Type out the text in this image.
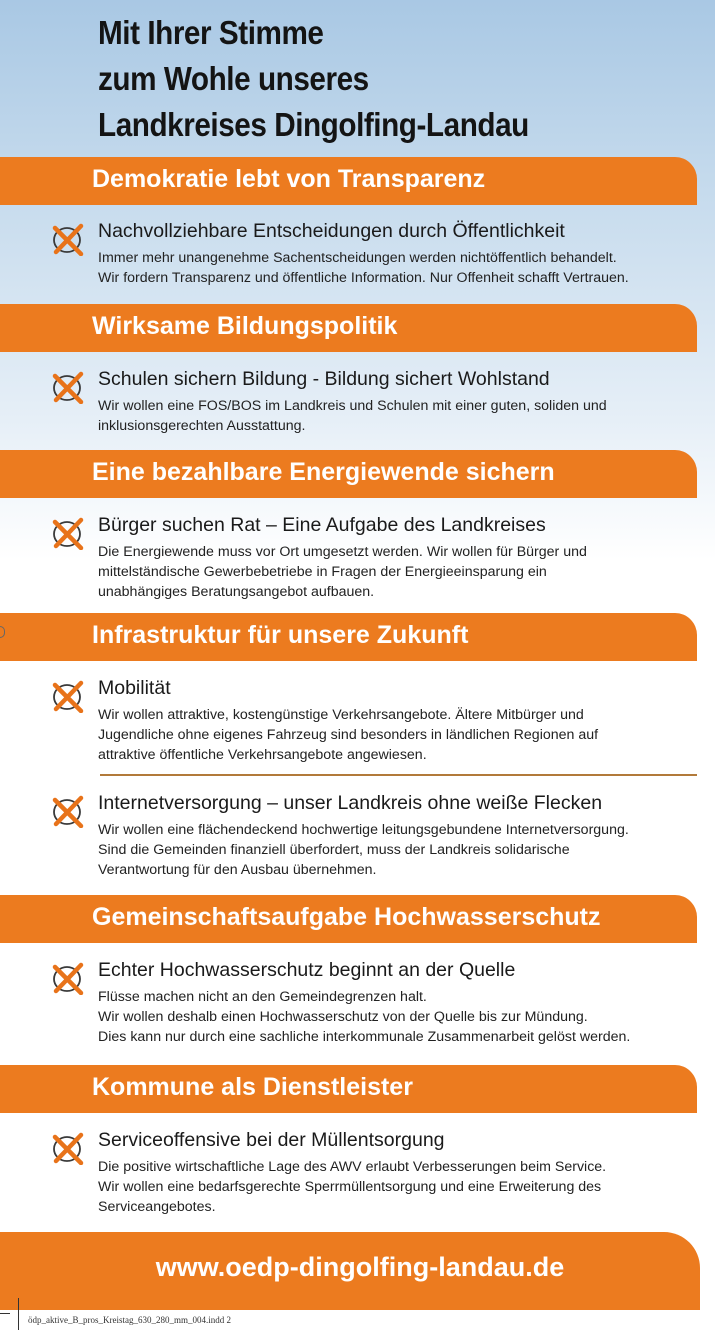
Mit Ihrer Stimme
zum Wohle unseres
Landkreises Dingolfing-Landau
Demokratie lebt von Transparenz
Nachvollziehbare Entscheidungen durch Öffentlichkeit
Immer mehr unangenehme Sachentscheidungen werden nichtöffentlich behandelt.
Wir fordern Transparenz und öffentliche Information. Nur Offenheit schafft Vertrauen.
Wirksame Bildungspolitik
Schulen sichern Bildung - Bildung sichert Wohlstand
Wir wollen eine FOS/BOS im Landkreis und Schulen mit einer guten, soliden und
inklusionsgerechten Ausstattung.
Eine bezahlbare Energiewende sichern
Bürger suchen Rat – Eine Aufgabe des Landkreises
Die Energiewende muss vor Ort umgesetzt werden. Wir wollen für Bürger und
mittelständische Gewerbebetriebe in Fragen der Energieeinsparung ein
unabhängiges Beratungsangebot aufbauen.
Infrastruktur für unsere Zukunft
Mobilität
Wir wollen attraktive, kostengünstige Verkehrsangebote. Ältere Mitbürger und
Jugendliche ohne eigenes Fahrzeug sind besonders in ländlichen Regionen auf
attraktive öffentliche Verkehrsangebote angewiesen.
Internetversorgung – unser Landkreis ohne weiße Flecken
Wir wollen eine flächendeckend hochwertige leitungsgebundene Internetversorgung.
Sind die Gemeinden finanziell überfordert, muss der Landkreis solidarische
Verantwortung für den Ausbau übernehmen.
Gemeinschaftsaufgabe Hochwasserschutz
Echter Hochwasserschutz beginnt an der Quelle
Flüsse machen nicht an den Gemeindegrenzen halt.
Wir wollen deshalb einen Hochwasserschutz von der Quelle bis zur Mündung.
Dies kann nur durch eine sachliche interkommunale Zusammenarbeit gelöst werden.
Kommune als Dienstleister
Serviceoffensive bei der Müllentsorgung
Die positive wirtschaftliche Lage des AWV erlaubt Verbesserungen beim Service.
Wir wollen eine bedarfsgerechte Sperrmüllentsorgung und eine Erweiterung des
Serviceangebotes.
www.oedp-dingolfing-landau.de
ödp_aktive_B_pros_Kreistag_630_280_mm_004.indd 2
